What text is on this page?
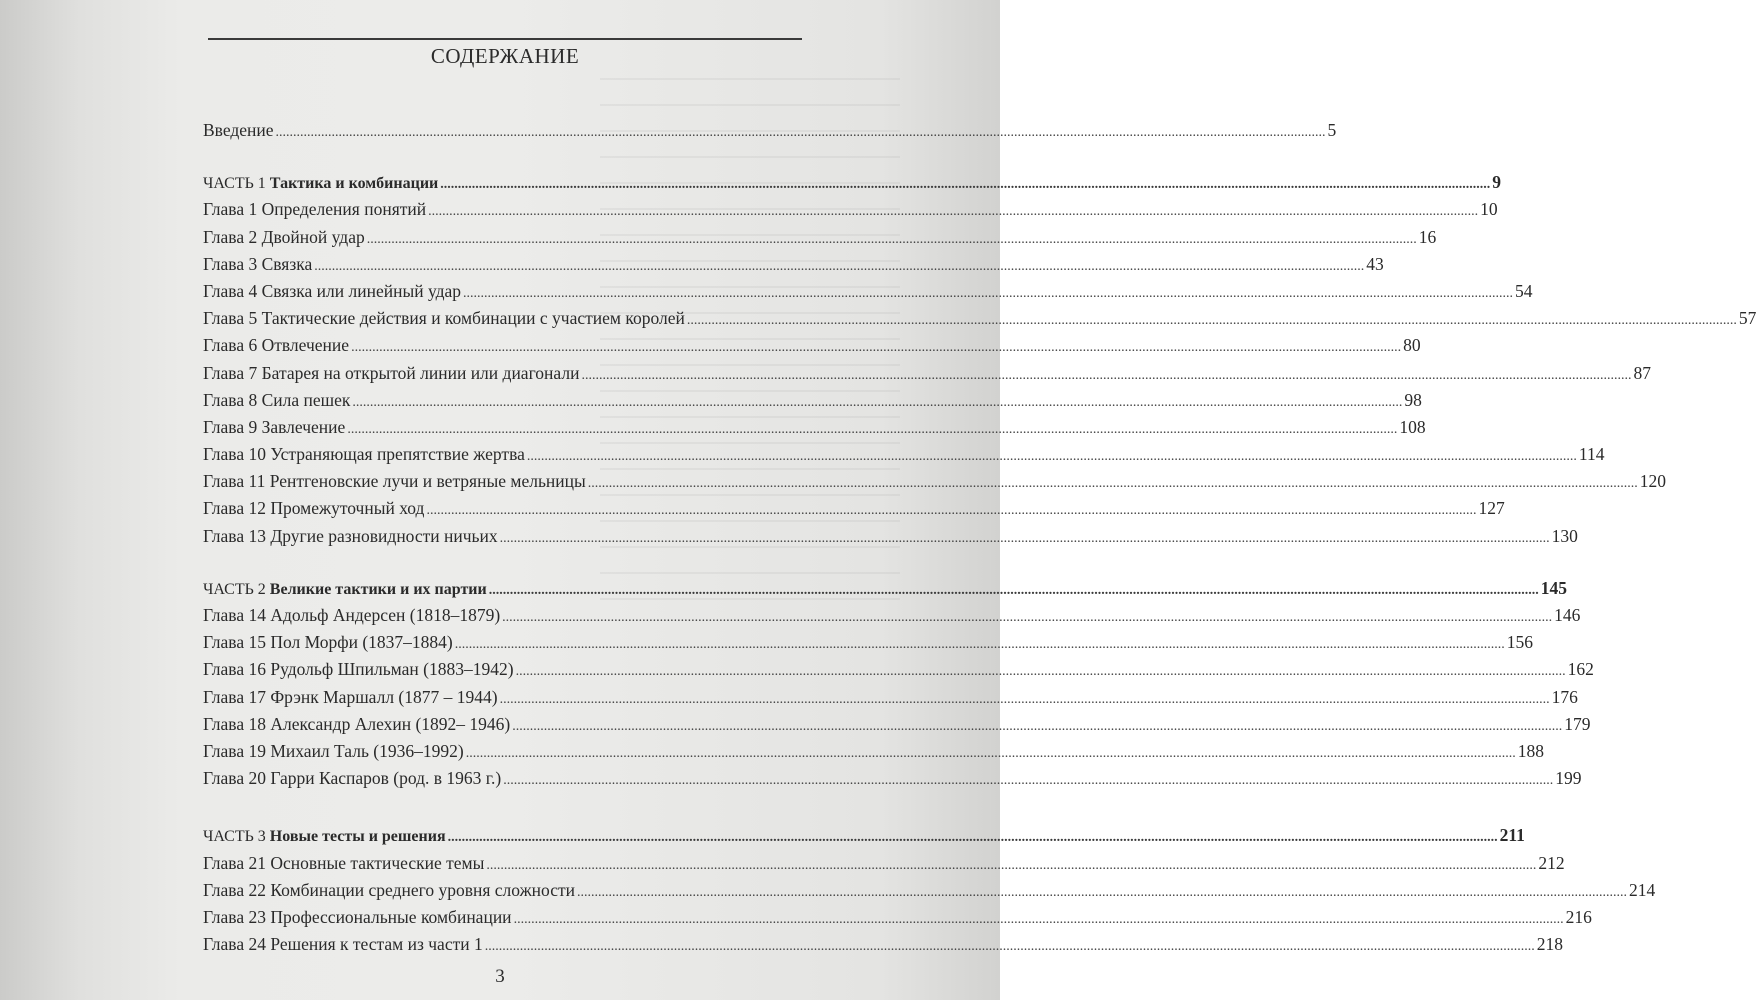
СОДЕРЖАНИЕ
Введение ............................................................................................................................................................................................................................................................................................................ 5
ЧАСТЬ 1 Тактика и комбинации ............................................................................................................................................................................................................................................................................................................ 9
Глава 1 Определения понятий ............................................................................................................................................................................................................................................................................................................ 10
Глава 2 Двойной удар ............................................................................................................................................................................................................................................................................................................ 16
Глава 3 Связка ............................................................................................................................................................................................................................................................................................................ 43
Глава 4 Связка или линейный удар ............................................................................................................................................................................................................................................................................................................ 54
Глава 5 Тактические действия и комбинации с участием королей ............................................................................................................................................................................................................................................................................................................ 57
Глава 6 Отвлечение ............................................................................................................................................................................................................................................................................................................ 80
Глава 7 Батарея на открытой линии или диагонали ............................................................................................................................................................................................................................................................................................................ 87
Глава 8 Сила пешек ............................................................................................................................................................................................................................................................................................................ 98
Глава 9 Завлечение ............................................................................................................................................................................................................................................................................................................ 108
Глава 10 Устраняющая препятствие жертва ............................................................................................................................................................................................................................................................................................................ 114
Глава 11 Рентгеновские лучи и ветряные мельницы ............................................................................................................................................................................................................................................................................................................ 120
Глава 12 Промежуточный ход ............................................................................................................................................................................................................................................................................................................ 127
Глава 13 Другие разновидности ничьих ............................................................................................................................................................................................................................................................................................................ 130
ЧАСТЬ 2 Великие тактики и их партии ............................................................................................................................................................................................................................................................................................................ 145
Глава 14 Адольф Андерсен (1818–1879) ............................................................................................................................................................................................................................................................................................................ 146
Глава 15 Пол Морфи (1837–1884) ............................................................................................................................................................................................................................................................................................................ 156
Глава 16 Рудольф Шпильман (1883–1942) ............................................................................................................................................................................................................................................................................................................ 162
Глава 17 Фрэнк Маршалл (1877 – 1944) ............................................................................................................................................................................................................................................................................................................ 176
Глава 18 Александр Алехин (1892– 1946) ............................................................................................................................................................................................................................................................................................................ 179
Глава 19 Михаил Таль (1936–1992) ............................................................................................................................................................................................................................................................................................................ 188
Глава 20 Гарри Каспаров (род. в 1963 г.) ............................................................................................................................................................................................................................................................................................................ 199
ЧАСТЬ 3 Новые тесты и решения ............................................................................................................................................................................................................................................................................................................ 211
Глава 21 Основные тактические темы ............................................................................................................................................................................................................................................................................................................ 212
Глава 22 Комбинации среднего уровня сложности ............................................................................................................................................................................................................................................................................................................ 214
Глава 23 Профессиональные комбинации ............................................................................................................................................................................................................................................................................................................ 216
Глава 24 Решения к тестам из части 1 ............................................................................................................................................................................................................................................................................................................ 218
3
